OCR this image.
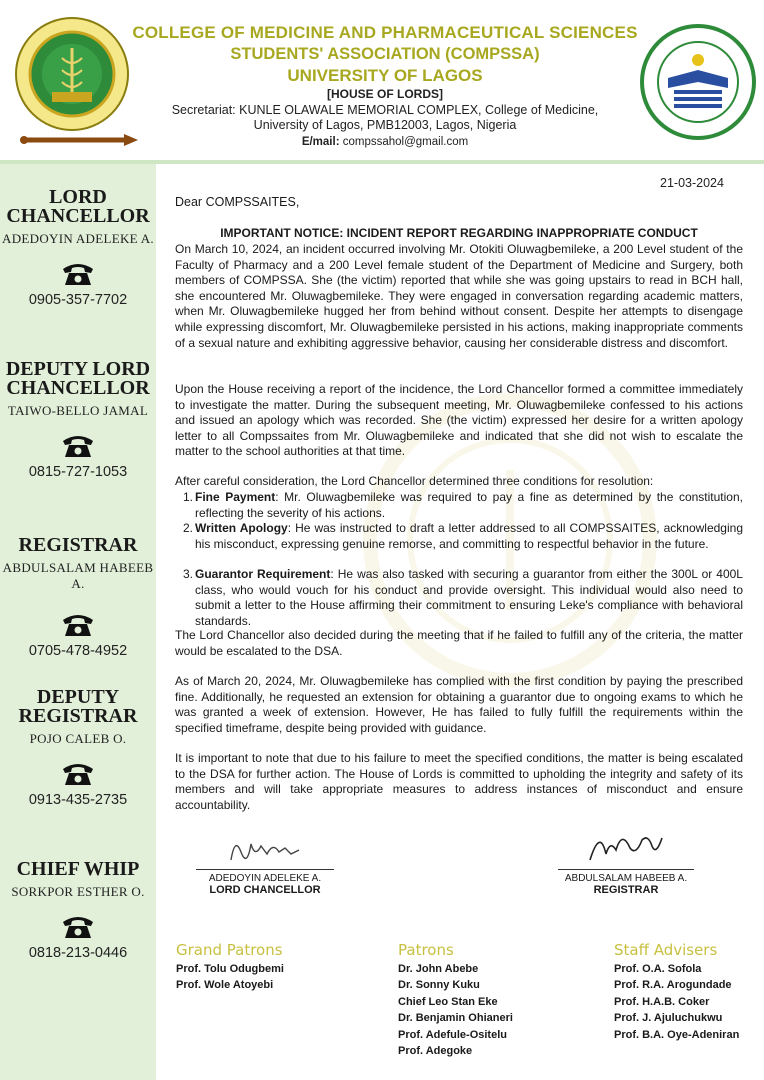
COLLEGE OF MEDICINE AND PHARMACEUTICAL SCIENCES
STUDENTS' ASSOCIATION (COMPSSA)
UNIVERSITY OF LAGOS
[HOUSE OF LORDS]
Secretariat: KUNLE OLAWALE MEMORIAL COMPLEX, College of Medicine,
University of Lagos, PMB12003, Lagos, Nigeria
E/mail: compssahol@gmail.com
LORD
CHANCELLOR
ADEDOYIN ADELEKE A.
0905-357-7702
DEPUTY LORD
CHANCELLOR
TAIWO-BELLO JAMAL
0815-727-1053
REGISTRAR
ABDULSALAM HABEEB A.
0705-478-4952
DEPUTY
REGISTRAR
POJO CALEB O.
0913-435-2735
CHIEF WHIP
SORKPOR ESTHER O.
0818-213-0446
21-03-2024
Dear COMPSSAITES,
IMPORTANT NOTICE: INCIDENT REPORT REGARDING INAPPROPRIATE CONDUCT
On March 10, 2024, an incident occurred involving Mr. Otokiti Oluwagbemileke, a 200 Level student of the Faculty of Pharmacy and a 200 Level female student of the Department of Medicine and Surgery, both members of COMPSSA. She (the victim) reported that while she was going upstairs to read in BCH hall, she encountered Mr. Oluwagbemileke. They were engaged in conversation regarding academic matters, when Mr. Oluwagbemileke hugged her from behind without consent. Despite her attempts to disengage while expressing discomfort, Mr. Oluwagbemileke persisted in his actions, making inappropriate comments of a sexual nature and exhibiting aggressive behavior, causing her considerable distress and discomfort.
Upon the House receiving a report of the incidence, the Lord Chancellor formed a committee immediately to investigate the matter. During the subsequent meeting, Mr. Oluwagbemileke confessed to his actions and issued an apology which was recorded. She (the victim) expressed her desire for a written apology letter to all Compssaites from Mr. Oluwagbemileke and indicated that she did not wish to escalate the matter to the school authorities at that time.
After careful consideration, the Lord Chancellor determined three conditions for resolution:
1. Fine Payment: Mr. Oluwagbemileke was required to pay a fine as determined by the constitution, reflecting the severity of his actions.
2. Written Apology: He was instructed to draft a letter addressed to all COMPSSAITES, acknowledging his misconduct, expressing genuine remorse, and committing to respectful behavior in the future.
3. Guarantor Requirement: He was also tasked with securing a guarantor from either the 300L or 400L class, who would vouch for his conduct and provide oversight. This individual would also need to submit a letter to the House affirming their commitment to ensuring Leke's compliance with behavioral standards.
The Lord Chancellor also decided during the meeting that if he failed to fulfill any of the criteria, the matter would be escalated to the DSA.
As of March 20, 2024, Mr. Oluwagbemileke has complied with the first condition by paying the prescribed fine. Additionally, he requested an extension for obtaining a guarantor due to ongoing exams to which he was granted a week of extension. However, He has failed to fully fulfill the requirements within the specified timeframe, despite being provided with guidance.
It is important to note that due to his failure to meet the specified conditions, the matter is being escalated to the DSA for further action. The House of Lords is committed to upholding the integrity and safety of its members and will take appropriate measures to address instances of misconduct and ensure accountability.
ADEDOYIN ADELEKE A.
LORD CHANCELLOR
ABDULSALAM HABEEB A.
REGISTRAR
Grand Patrons
Prof. Tolu Odugbemi
Prof. Wole Atoyebi
Patrons
Dr. John Abebe
Dr. Sonny Kuku
Chief Leo Stan Eke
Dr. Benjamin Ohianeri
Prof. Adefule-Ositelu
Prof. Adegoke
Staff Advisers
Prof. O.A. Sofola
Prof. R.A. Arogundade
Prof. H.A.B. Coker
Prof. J. Ajuluchukwu
Prof. B.A. Oye-Adeniran
